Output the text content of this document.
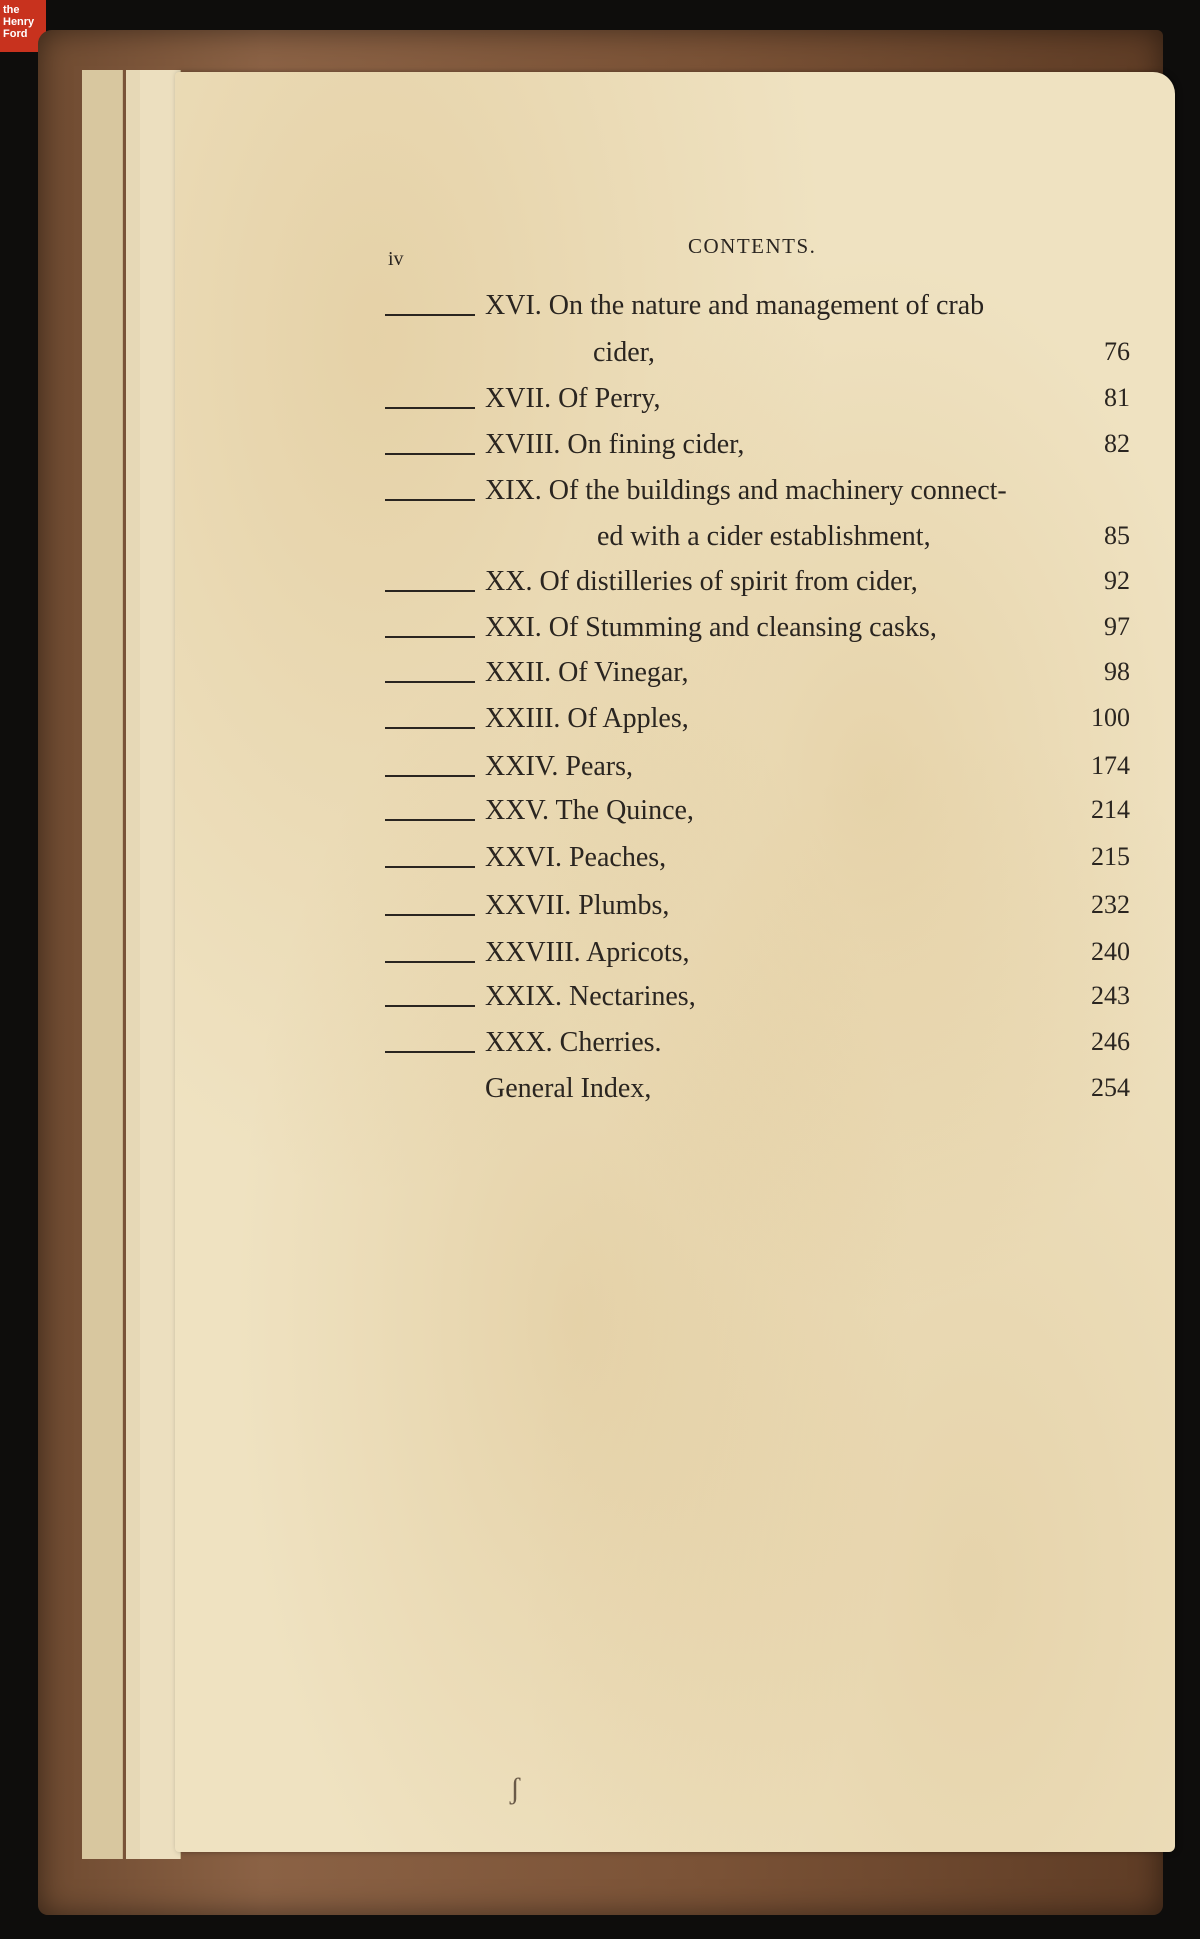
the
Henry
Ford
iv
CONTENTS.
XVI. On the nature and management of crab
cider,	76
XVII. Of Perry,	81
XVIII. On fining cider,	82
XIX. Of the buildings and machinery connect-
ed with a cider establishment,	85
XX. Of distilleries of spirit from cider,	92
XXI. Of Stumming and cleansing casks,	97
XXII. Of Vinegar,	98
XXIII. Of Apples,	100
XXIV. Pears,	174
XXV. The Quince,	214
XXVI. Peaches,	215
XXVII. Plumbs,	232
XXVIII. Apricots,	240
XXIX. Nectarines,	243
XXX. Cherries.	246
General Index,	254
ʃ
